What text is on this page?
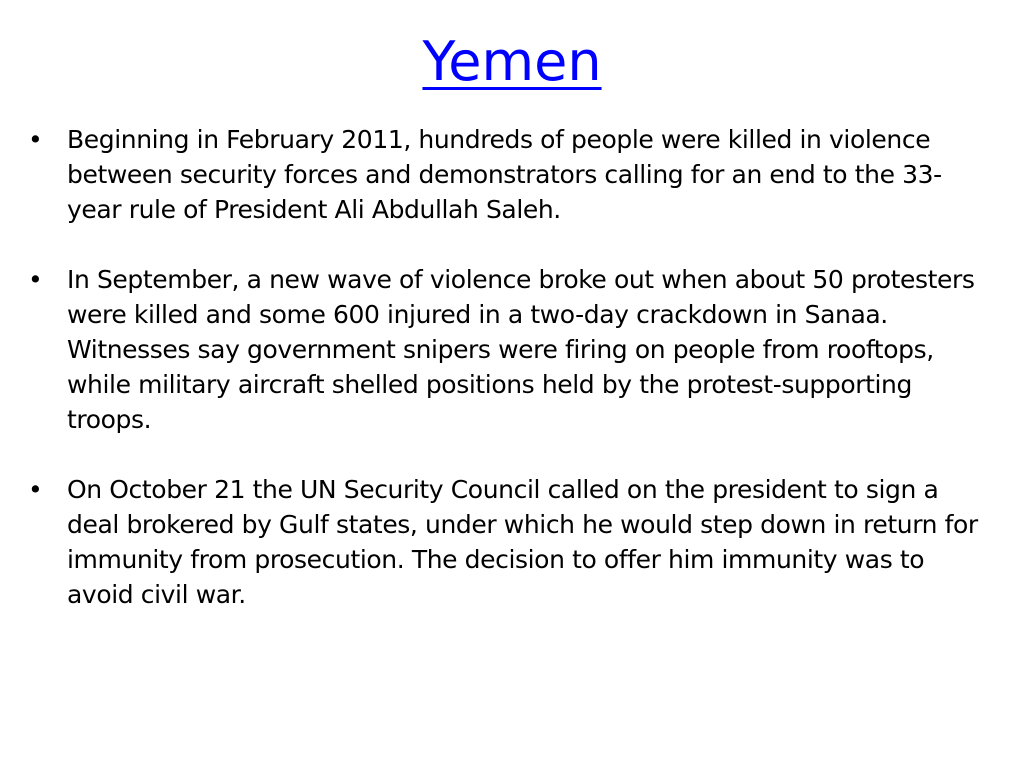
Yemen
• Beginning in February 2011, hundreds of people were killed in violence between security forces and demonstrators calling for an end to the 33-year rule of President Ali Abdullah Saleh.
• In September, a new wave of violence broke out when about 50 protesters were killed and some 600 injured in a two-day crackdown in Sanaa. Witnesses say government snipers were firing on people from rooftops, while military aircraft shelled positions held by the protest-supporting troops.
• On October 21 the UN Security Council called on the president to sign a deal brokered by Gulf states, under which he would step down in return for immunity from prosecution. The decision to offer him immunity was to avoid civil war.
